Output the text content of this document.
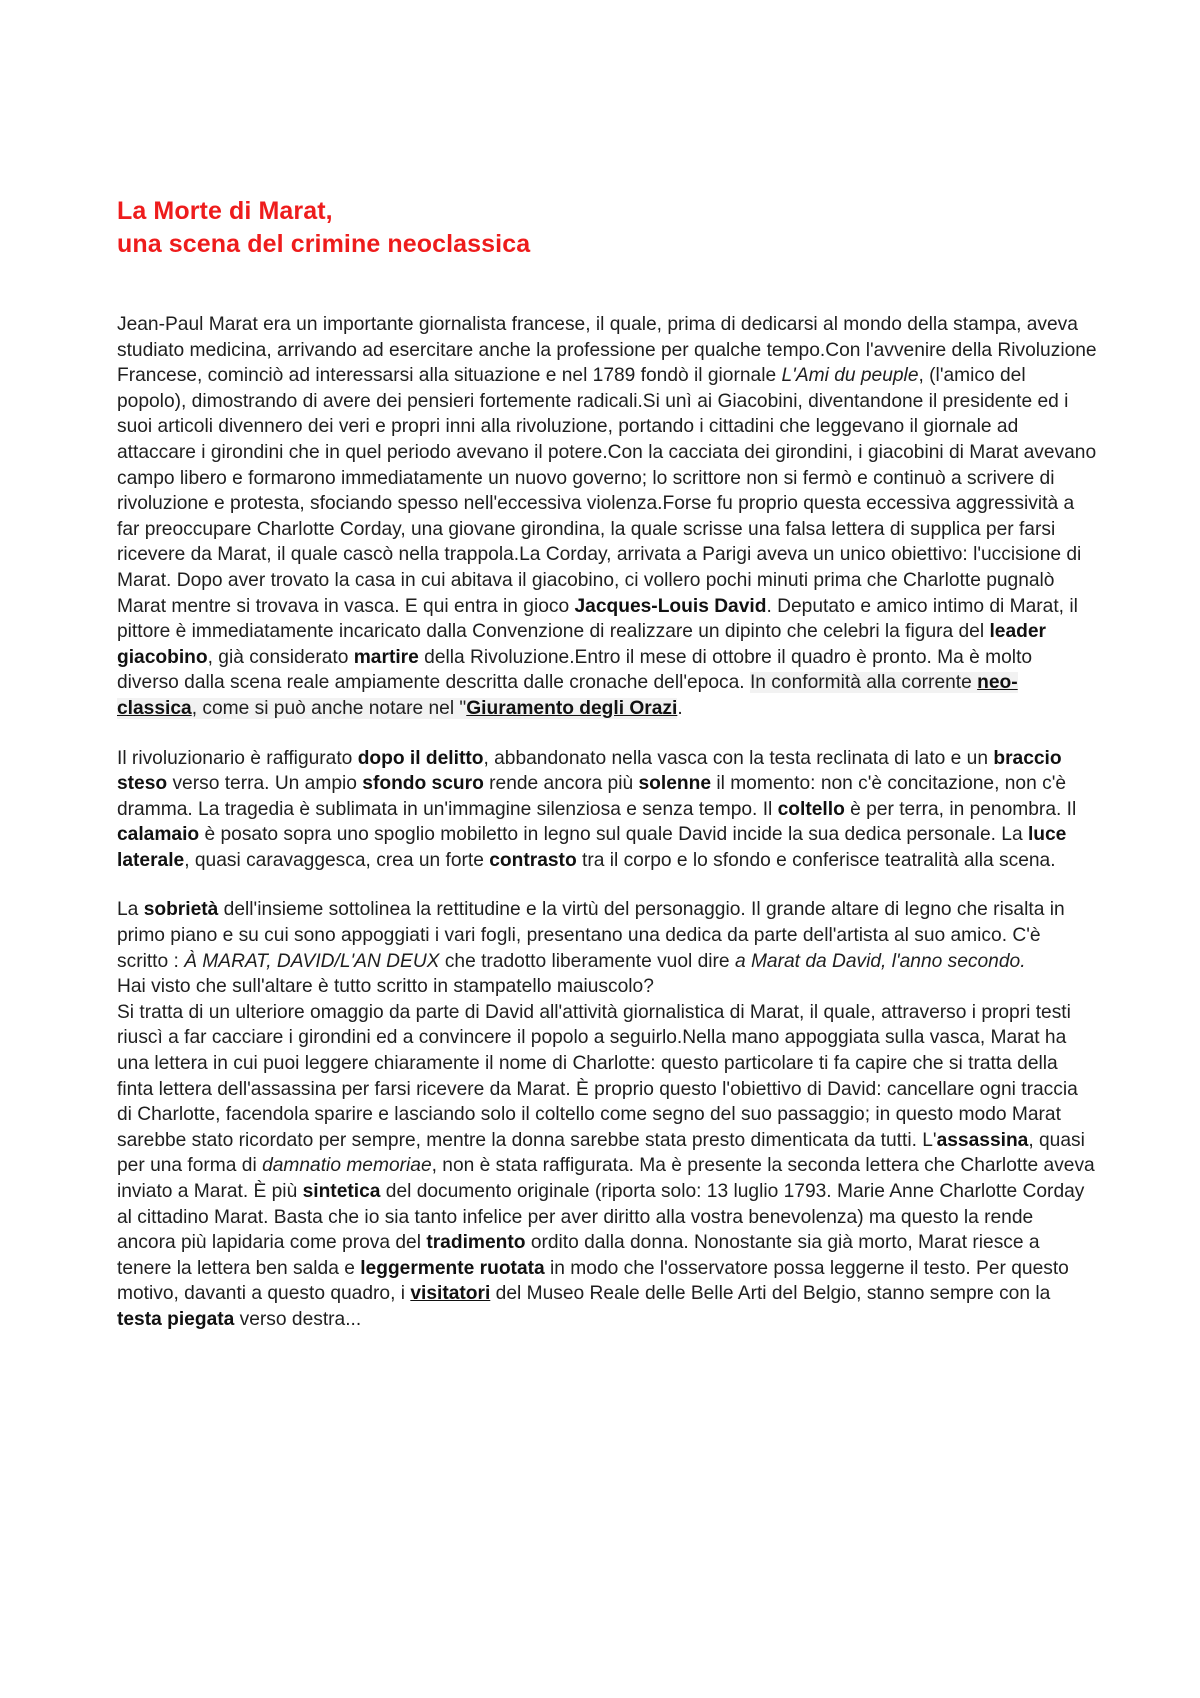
La Morte di Marat,
una scena del crimine neoclassica

Jean-Paul Marat era un importante giornalista francese, il quale, prima di dedicarsi al mondo della stampa, aveva studiato medicina, arrivando ad esercitare anche la professione per qualche tempo.Con l'avvenire della Rivoluzione Francese, cominciò ad interessarsi alla situazione e nel 1789 fondò il giornale L'Ami du peuple, (l'amico del popolo), dimostrando di avere dei pensieri fortemente radicali.Si unì ai Giacobini, diventandone il presidente ed i suoi articoli divennero dei veri e propri inni alla rivoluzione, portando i cittadini che leggevano il giornale ad attaccare i girondini che in quel periodo avevano il potere.Con la cacciata dei girondini, i giacobini di Marat avevano campo libero e formarono immediatamente un nuovo governo; lo scrittore non si fermò e continuò a scrivere di rivoluzione e protesta, sfociando spesso nell'eccessiva violenza.Forse fu proprio questa eccessiva aggressività a far preoccupare Charlotte Corday, una giovane girondina, la quale scrisse una falsa lettera di supplica per farsi ricevere da Marat, il quale cascò nella trappola.La Corday, arrivata a Parigi aveva un unico obiettivo: l'uccisione di Marat. Dopo aver trovato la casa in cui abitava il giacobino, ci vollero pochi minuti prima che Charlotte pugnalò Marat mentre si trovava in vasca. E qui entra in gioco Jacques-Louis David. Deputato e amico intimo di Marat, il pittore è immediatamente incaricato dalla Convenzione di realizzare un dipinto che celebri la figura del leader giacobino, già considerato martire della Rivoluzione.Entro il mese di ottobre il quadro è pronto. Ma è molto diverso dalla scena reale ampiamente descritta dalle cronache dell'epoca. In conformità alla corrente neo-classica, come si può anche notare nel "Giuramento degli Orazi.

Il rivoluzionario è raffigurato dopo il delitto, abbandonato nella vasca con la testa reclinata di lato e un braccio steso verso terra. Un ampio sfondo scuro rende ancora più solenne il momento: non c'è concitazione, non c'è dramma. La tragedia è sublimata in un'immagine silenziosa e senza tempo. Il coltello è per terra, in penombra. Il calamaio è posato sopra uno spoglio mobiletto in legno sul quale David incide la sua dedica personale. La luce laterale, quasi caravaggesca, crea un forte contrasto tra il corpo e lo sfondo e conferisce teatralità alla scena.

La sobrietà dell'insieme sottolinea la rettitudine e la virtù del personaggio. Il grande altare di legno che risalta in primo piano e su cui sono appoggiati i vari fogli, presentano una dedica da parte dell'artista al suo amico. C'è scritto : À MARAT, DAVID/L'AN DEUX che tradotto liberamente vuol dire a Marat da David, l'anno secondo.

Hai visto che sull'altare è tutto scritto in stampatello maiuscolo?

Si tratta di un ulteriore omaggio da parte di David all'attività giornalistica di Marat, il quale, attraverso i propri testi riuscì a far cacciare i girondini ed a convincere il popolo a seguirlo.Nella mano appoggiata sulla vasca, Marat ha una lettera in cui puoi leggere chiaramente il nome di Charlotte: questo particolare ti fa capire che si tratta della finta lettera dell'assassina per farsi ricevere da Marat. È proprio questo l'obiettivo di David: cancellare ogni traccia di Charlotte, facendola sparire e lasciando solo il coltello come segno del suo passaggio; in questo modo Marat sarebbe stato ricordato per sempre, mentre la donna sarebbe stata presto dimenticata da tutti. L'assassina, quasi per una forma di damnatio memoriae, non è stata raffigurata. Ma è presente la seconda lettera che Charlotte aveva inviato a Marat. È più sintetica del documento originale (riporta solo: 13 luglio 1793. Marie Anne Charlotte Corday al cittadino Marat. Basta che io sia tanto infelice per aver diritto alla vostra benevolenza) ma questo la rende ancora più lapidaria come prova del tradimento ordito dalla donna. Nonostante sia già morto, Marat riesce a tenere la lettera ben salda e leggermente ruotata in modo che l'osservatore possa leggerne il testo. Per questo motivo, davanti a questo quadro, i visitatori del Museo Reale delle Belle Arti del Belgio, stanno sempre con la testa piegata verso destra...
